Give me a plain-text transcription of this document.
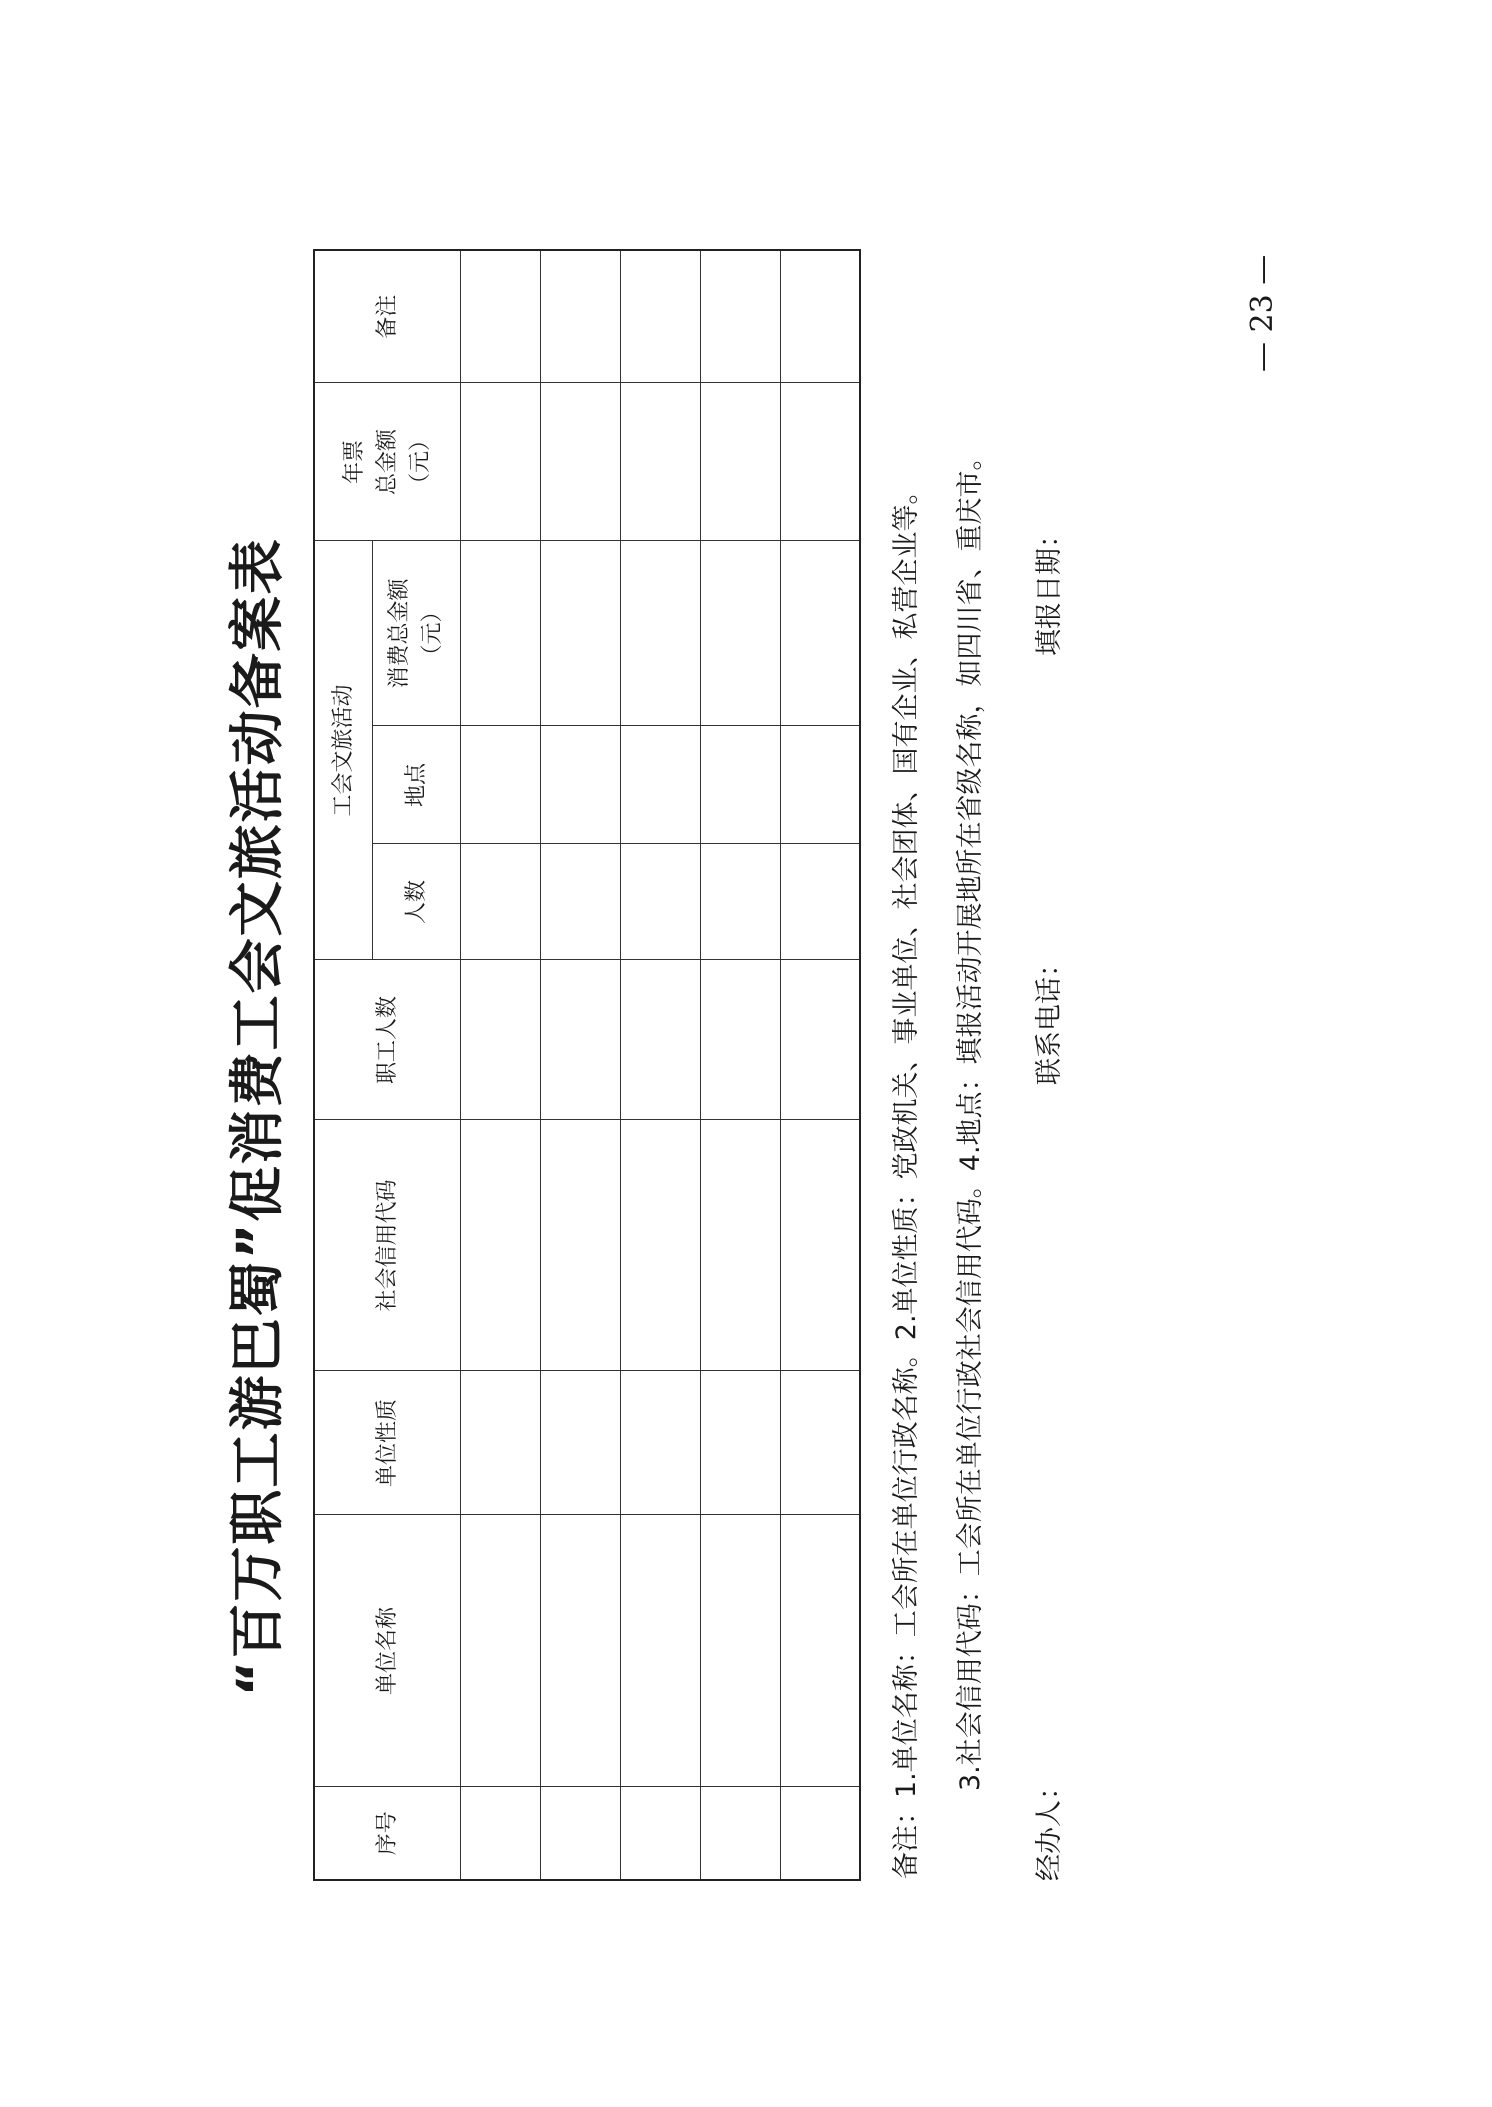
“百万职工游巴蜀”促消费工会文旅活动备案表
序号	单位名称	单位性质	社会信用代码	职工人数	工会文旅活动			年票 总金额 （元）	备注
					人数	地点	消费总金额 （元）		

										备注：1.单位名称：工会所在单位行政名称。2.单位性质：党政机关、事业单位、社会团体、国有企业、私营企业等。	3.社会信用代码：工会所在单位行政社会信用代码。4.地点：填报活动开展地所在省级名称，如四川省、重庆市。
经办人：
联系电话：
填报日期：
— 23 —
